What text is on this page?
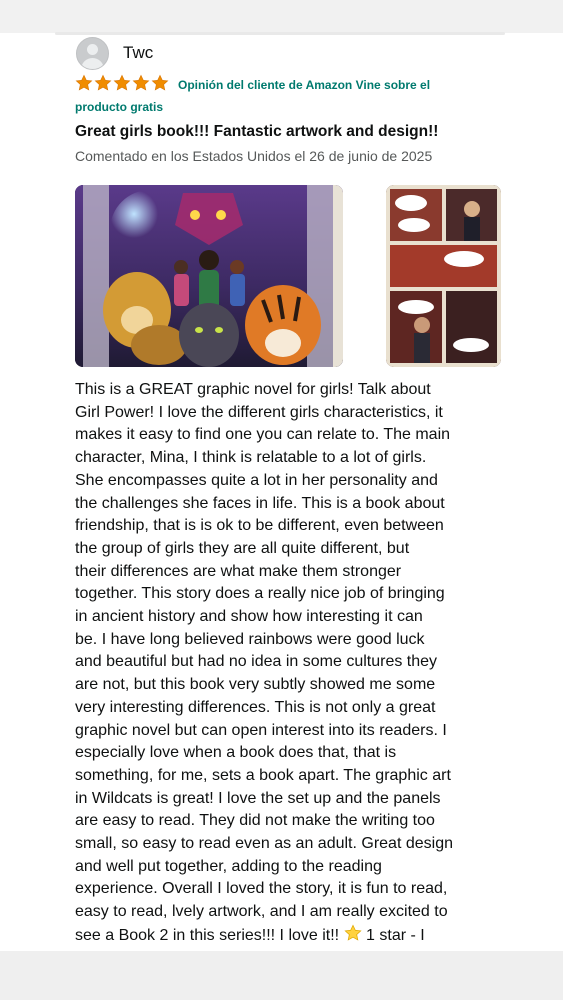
Twc
Opinión del cliente de Amazon Vine sobre el producto gratis
Great girls book!!! Fantastic artwork and design!!
Comentado en los Estados Unidos el 26 de junio de 2025
This is a GREAT graphic novel for girls! Talk about
Girl Power! I love the different girls characteristics, it
makes it easy to find one you can relate to. The main
character, Mina, I think is relatable to a lot of girls.
She encompasses quite a lot in her personality and
the challenges she faces in life. This is a book about
friendship, that is is ok to be different, even between
the group of girls they are all quite different, but
their differences are what make them stronger
together. This story does a really nice job of bringing
in ancient history and show how interesting it can
be. I have long believed rainbows were good luck
and beautiful but had no idea in some cultures they
are not, but this book very subtly showed me some
very interesting differences. This is not only a great
graphic novel but can open interest into its readers. I
especially love when a book does that, that is
something, for me, sets a book apart. The graphic art
in Wildcats is great! I love the set up and the panels
are easy to read. They did not make the writing too
small, so easy to read even as an adult. Great design
and well put together, adding to the reading
experience. Overall I loved the story, it is fun to read,
easy to read, lvely artwork, and I am really excited to
see a Book 2 in this series!!! I love it!! 1 star - I
